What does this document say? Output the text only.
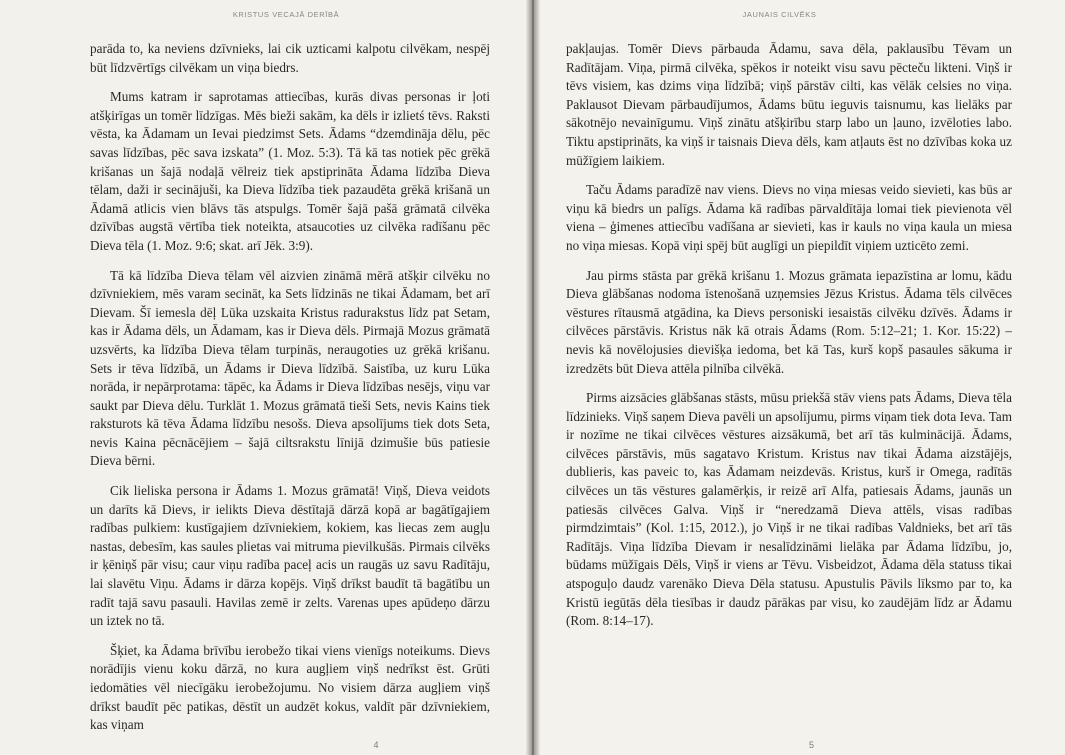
KRISTUS VECAJĀ DERĪBĀ

parāda to, ka neviens dzīvnieks, lai cik uzticami kalpotu cilvēkam, nespēj būt līdzvērtīgs cilvēkam un viņa biedrs.

Mums katram ir saprotamas attiecības, kurās divas personas ir ļoti atšķirīgas un tomēr līdzīgas. Mēs bieži sakām, ka dēls ir izlietś tēvs. Raksti vēsta, ka Ādamam un Ievai piedzimst Sets. Ādams “dzemdināja dēlu, pēc savas līdzības, pēc sava izskata” (1. Moz. 5:3). Tā kā tas notiek pēc grēkā krišanas un šajā nodaļā vēlreiz tiek apstiprināta Ādama līdzība Dieva tēlam, daži ir secinājuši, ka Dieva līdzība tiek pazaudēta grēkā krišanā un Ādamā atlicis vien blāvs tās atspulgs. Tomēr šajā pašā grāmatā cilvēka dzīvības augstā vērtība tiek noteikta, atsaucoties uz cilvēka radīšanu pēc Dieva tēla (1. Moz. 9:6; skat. arī Jēk. 3:9).

Tā kā līdzība Dieva tēlam vēl aizvien zināmā mērā atšķir cilvēku no dzīvniekiem, mēs varam secināt, ka Sets līdzinās ne tikai Ādamam, bet arī Dievam. Šī iemesla dēļ Lūka uzskaita Kristus radurakstus līdz pat Setam, kas ir Ādama dēls, un Ādamam, kas ir Dieva dēls. Pirmajā Mozus grāmatā uzsvērts, ka līdzība Dieva tēlam turpinās, neraugoties uz grēkā krišanu. Sets ir tēva līdzībā, un Ādams ir Dieva līdzībā. Saistība, uz kuru Lūka norāda, ir nepārprotama: tāpēc, ka Ādams ir Dieva līdzības nesējs, viņu var saukt par Dieva dēlu. Turklāt 1. Mozus grāmatā tieši Sets, nevis Kains tiek raksturots kā tēva Ādama līdzību nesošs. Dieva apsolījums tiek dots Setа, nevis Kaina pēcnācējiem – šajā ciltsrakstu līnijā dzimušie būs patiesie Dieva bērni.

Cik lieliska persona ir Ādams 1. Mozus grāmatā! Viņš, Dieva veidots un darīts kā Dievs, ir ielikts Dieva dēstītajā dārzā kopā ar bagātīgajiem radības pulkiem: kustīgajiem dzīvniekiem, kokiem, kas liecas zem augļu nastas, debesīm, kas saules plietas vai mitruma pievilkušās. Pirmais cilvēks ir ķēniņš pār visu; caur viņu radība paceļ acis un raugās uz savu Radītāju, lai slavētu Viņu. Ādams ir dārza kopējs. Viņš drīkst baudīt tā bagātību un radīt tajā savu pasauli. Havilas zemē ir zelts. Varenas upes apūdeņo dārzu un iztek no tā.

Šķiet, ka Ādama brīvību ierobežo tikai viens vienīgs noteikums. Dievs norādījis vienu koku dārzā, no kura augļiem viņš nedrīkst ēst. Grūti iedomāties vēl niecīgāku ierobežojumu. No visiem dārza augļiem viņš drīkst baudīt pēc patikas, dēstīt un audzēt kokus, valdīt pār dzīvniekiem, kas viņam

4
JAUNAIS CILVĒKS

pakļaujas. Tomēr Dievs pārbauda Ādamu, sava dēla, paklausību Tēvam un Radītājam. Viņa, pirmā cilvēka, spēkos ir noteikt visu savu pēcteču likteni. Viņš ir tēvs visiem, kas dzims viņa līdzībā; viņš pārstāv cilti, kas vēlāk celsies no viņa. Paklausot Dievam pārbaudījumos, Ādams būtu ieguvis taisnumu, kas lielāks par sākotnējo nevainīgumu. Viņš zinātu atšķirību starp labo un ļauno, izvēloties labo. Tiktu apstiprināts, ka viņš ir taisnais Dieva dēls, kam atļauts ēst no dzīvības koka uz mūžīgiem laikiem.

Taču Ādams paradīzē nav viens. Dievs no viņa miesas veido sievieti, kas būs ar viņu kā biedrs un palīgs. Ādama kā radības pārvaldītāja lomai tiek pievienota vēl viena – ģimenes attiecību vadīšana ar sievieti, kas ir kauls no viņa kaula un miesa no viņa miesas. Kopā viņi spēj būt auglīgi un piepildīt viņiem uzticēto zemi.

Jau pirms stāsta par grēkā krišanu 1. Mozus grāmata iepazīstina ar lomu, kādu Dieva glābšanas nodoma īstenošanā uzņemsies Jēzus Kristus. Ādama tēls cilvēces vēstures rītausmā atgādina, ka Dievs personiski iesaistās cilvēku dzīvēs. Ādams ir cilvēces pārstāvis. Kristus nāk kā otrais Ādams (Rom. 5:12–21; 1. Kor. 15:22) – nevis kā novēlojusies dievišķa iedoma, bet kā Tas, kurš kopš pasaules sākuma ir izredzēts būt Dieva attēla pilnība cilvēkā.

Pirms aizsācies glābšanas stāsts, mūsu priekšā stāv viens pats Ādams, Dieva tēla līdzinieks. Viņš saņem Dieva pavēli un apsolījumu, pirms viņam tiek dota Ieva. Tam ir nozīme ne tikai cilvēces vēstures aizsākumā, bet arī tās kulmināciјā. Ādams, cilvēces pārstāvis, mūs sagatavo Kristum. Kristus nav tikai Ādama aizstājējs, dublieris, kas paveic to, kas Ādamam neizdevās. Kristus, kurš ir Omega, radītās cilvēces un tās vēstures galamērķis, ir reizē arī Alfa, patiesais Ādams, jaunās un patiesās cilvēces Galva. Viņš ir “neredzamā Dieva attēls, visas radības pirmdzimtais” (Kol. 1:15, 2012.), jo Viņš ir ne tikai radības Valdnieks, bet arī tās Radītājs. Viņa līdzība Dievam ir nesalīdzināmi lielāka par Ādama līdzību, jo, būdams mūžīgais Dēls, Viņš ir viens ar Tēvu. Visbeidzot, Ādama dēla statuss tikai atspoguļo daudz varenāko Dieva Dēla statusu. Apustulis Pāvils līksmo par to, ka Kristū iegūtās dēla tiesības ir daudz pārākas par visu, ko zaudējām līdz ar Ādamu (Rom. 8:14–17).

5
